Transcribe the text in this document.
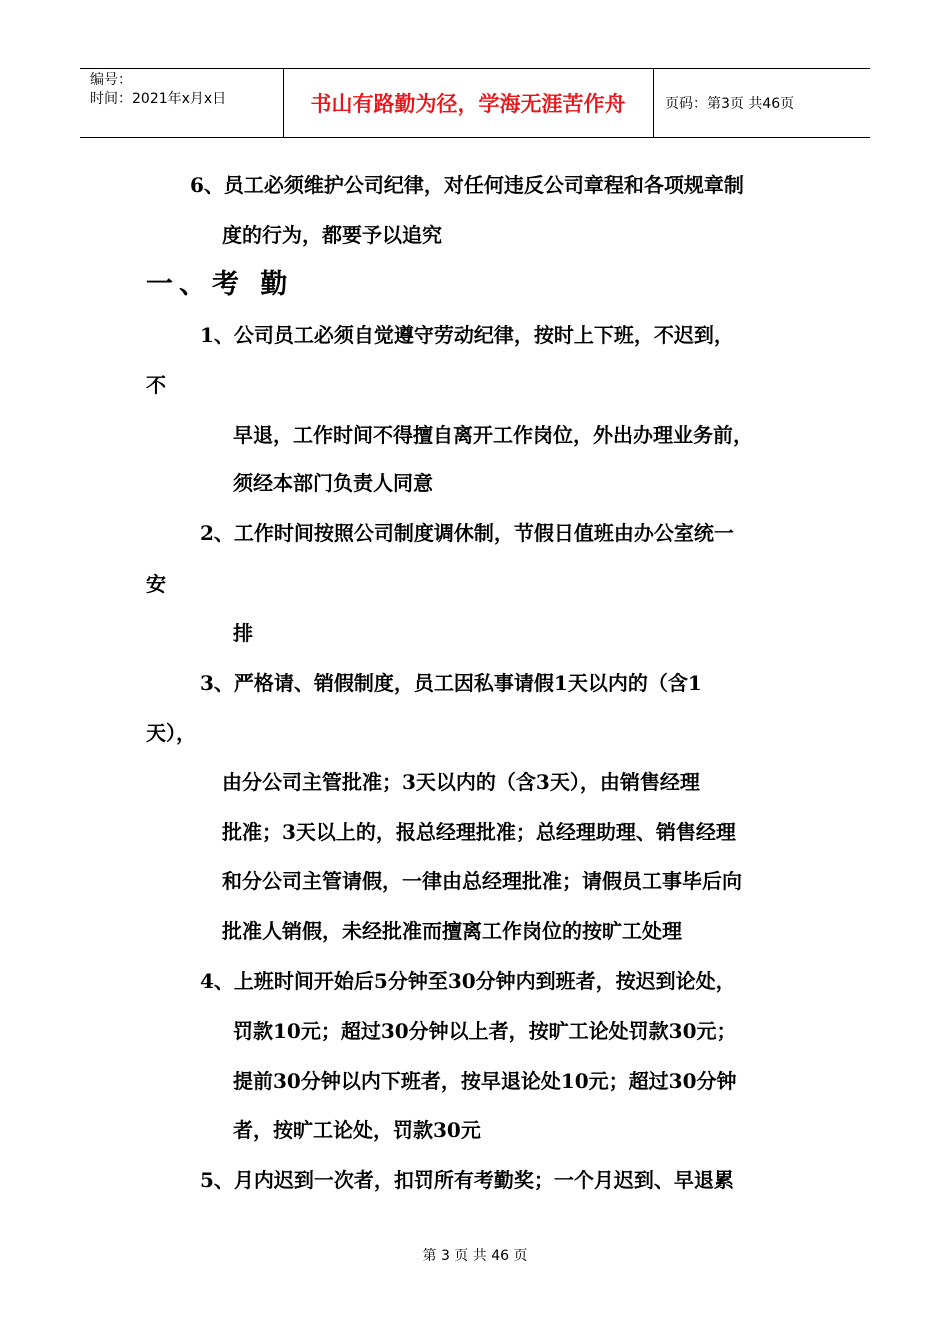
编号：
时间：2021年x月x日	书山有路勤为径，学海无涯苦作舟	页码：第3页 共46页
6、员工必须维护公司纪律，对任何违反公司章程和各项规章制
度的行为，都要予以追究
一、考 勤
1、公司员工必须自觉遵守劳动纪律，按时上下班，不迟到，
不
早退，工作时间不得擅自离开工作岗位，外出办理业务前，
须经本部门负责人同意
2、工作时间按照公司制度调休制，节假日值班由办公室统一
安
排
3、严格请、销假制度，员工因私事请假1天以内的（含1
天），
由分公司主管批准；3天以内的（含3天），由销售经理
批准；3天以上的，报总经理批准；总经理助理、销售经理
和分公司主管请假，一律由总经理批准；请假员工事毕后向
批准人销假，未经批准而擅离工作岗位的按旷工处理
4、上班时间开始后5分钟至30分钟内到班者，按迟到论处，
罚款10元；超过30分钟以上者，按旷工论处罚款30元；
提前30分钟以内下班者，按早退论处10元；超过30分钟
者，按旷工论处，罚款30元
5、月内迟到一次者，扣罚所有考勤奖；一个月迟到、早退累
第 3 页 共 46 页
